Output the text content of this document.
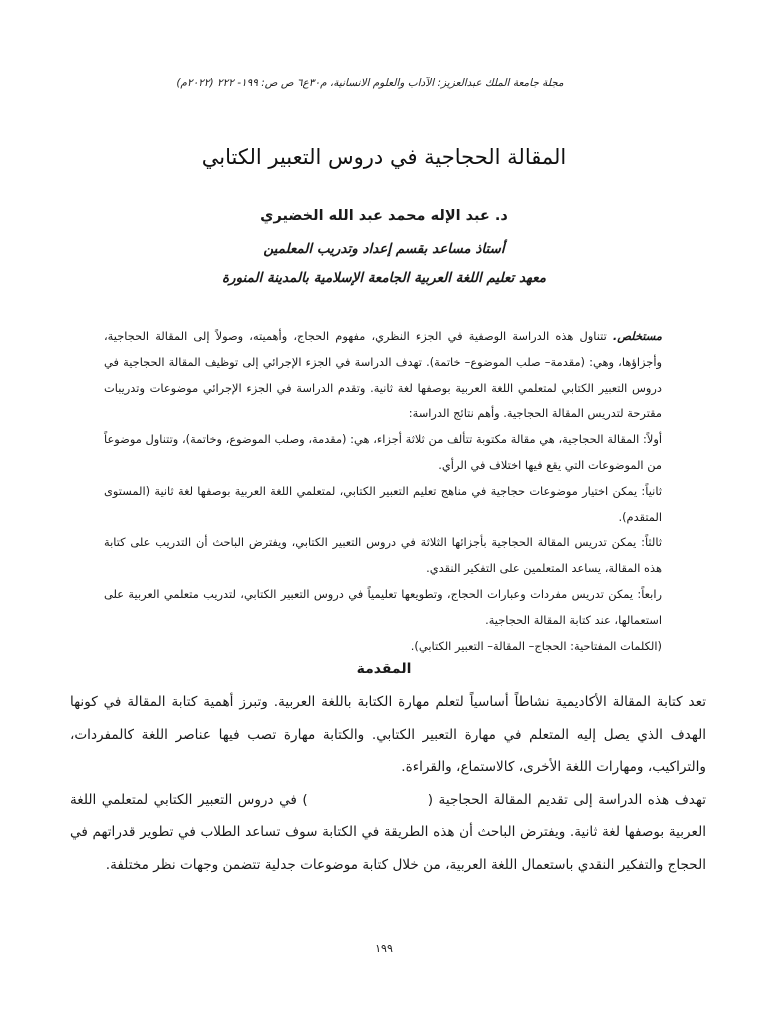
مجلة جامعة الملك عبدالعزيز: الآداب والعلوم الانسانية، م٣٠ع٦ ص ص: ١٩٩- ٢٢٢ (٢٠٢٢م)
المقالة الحجاجية في دروس التعبير الكتابي
د. عبد الإله محمد عبد الله الخضيري
أستاذ مساعد بقسم إعداد وتدريب المعلمين
معهد تعليم اللغة العربية الجامعة الإسلامية بالمدينة المنورة

مستخلص. تتناول هذه الدراسة الوصفية في الجزء النظري، مفهوم الحجاج، وأهميته، وصولاً إلى المقالة الحجاجية، وأجزاؤها، وهي: (مقدمة– صلب الموضوع– خاتمة). تهدف الدراسة في الجزء الإجرائي إلى توظيف المقالة الحجاجية في دروس التعبير الكتابي لمتعلمي اللغة العربية بوصفها لغة ثانية. وتقدم الدراسة في الجزء الإجرائي موضوعات وتدريبات مقترحة لتدريس المقالة الحجاجية. وأهم نتائج الدراسة:

أولاً: المقالة الحجاجية، هي مقالة مكتوبة تتألف من ثلاثة أجزاء، هي: (مقدمة، وصلب الموضوع، وخاتمة)، وتتناول موضوعاً من الموضوعات التي يقع فيها اختلاف في الرأي.

ثانياً: يمكن اختيار موضوعات حجاجية في مناهج تعليم التعبير الكتابي، لمتعلمي اللغة العربية بوصفها لغة ثانية (المستوى المتقدم).

ثالثاً: يمكن تدريس المقالة الحجاجية بأجزائها الثلاثة في دروس التعبير الكتابي، ويفترض الباحث أن التدريب على كتابة هذه المقالة، يساعد المتعلمين على التفكير النقدي.

رابعاً: يمكن تدريس مفردات وعبارات الحجاج، وتطويعها تعليمياً في دروس التعبير الكتابي، لتدريب متعلمي العربية على استعمالها، عند كتابة المقالة الحجاجية.

(الكلمات المفتاحية: الحجاج– المقالة– التعبير الكتابي).

المقدمة

تعد كتابة المقالة الأكاديمية نشاطاً أساسياً لتعلم مهارة الكتابة باللغة العربية. وتبرز أهمية كتابة المقالة في كونها الهدف الذي يصل إليه المتعلم في مهارة التعبير الكتابي. والكتابة مهارة تصب فيها عناصر اللغة كالمفردات، والتراكيب، ومهارات اللغة الأخرى، كالاستماع، والقراءة.

تهدف هذه الدراسة إلى تقديم المقالة الحجاجية () في دروس التعبير الكتابي لمتعلمي اللغة العربية بوصفها لغة ثانية. ويفترض الباحث أن هذه الطريقة في الكتابة سوف تساعد الطلاب في تطوير قدراتهم في الحجاج والتفكير النقدي باستعمال اللغة العربية، من خلال كتابة موضوعات جدلية تتضمن وجهات نظر مختلفة.

١٩٩
